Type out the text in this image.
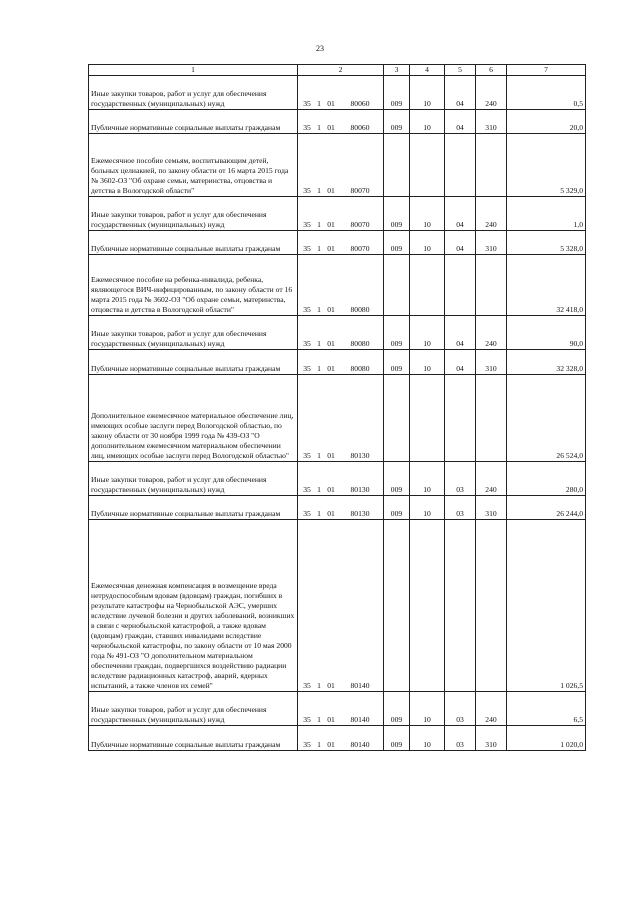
23
1	2	3	4	5	6	7
Иные закупки товаров, работ и услуг для обеспечения государственных (муниципальных) нужд	35 1 01 80060	009	10	04	240	0,5
Публичные нормативные социальные выплаты гражданам	35 1 01 80060	009	10	04	310	20,0
Ежемесячное пособие семьям, воспитывающим детей, больных целиакией, по закону области от 16 марта 2015 года № 3602-ОЗ "Об охране семьи, материнства, отцовства и детства в Вологодской области"	35 1 01 80070					5 329,0
Иные закупки товаров, работ и услуг для обеспечения государственных (муниципальных) нужд	35 1 01 80070	009	10	04	240	1,0
Публичные нормативные социальные выплаты гражданам	35 1 01 80070	009	10	04	310	5 328,0
Ежемесячное пособие на ребенка-инвалида, ребенка, являющегося ВИЧ-инфицированным, по закону области от 16 марта 2015 года № 3602-ОЗ "Об охране семьи, материнства, отцовства и детства в Вологодской области"	35 1 01 80080					32 418,0
Иные закупки товаров, работ и услуг для обеспечения государственных (муниципальных) нужд	35 1 01 80080	009	10	04	240	90,0
Публичные нормативные социальные выплаты гражданам	35 1 01 80080	009	10	04	310	32 328,0
Дополнительное ежемесячное материальное обеспечение лиц, имеющих особые заслуги перед Вологодской областью, по закону области от 30 ноября 1999 года № 439-ОЗ "О дополнительном ежемесячном материальном обеспечении лиц, имеющих особые заслуги перед Вологодской областью"	35 1 01 80130					26 524,0
Иные закупки товаров, работ и услуг для обеспечения государственных (муниципальных) нужд	35 1 01 80130	009	10	03	240	280,0
Публичные нормативные социальные выплаты гражданам	35 1 01 80130	009	10	03	310	26 244,0
Ежемесячная денежная компенсация в возмещение вреда нетрудоспособным вдовам (вдовцам) граждан, погибших в результате катастрофы на Чернобыльской АЭС, умерших вследствие лучевой болезни и других заболеваний, возникших в связи с чернобыльской катастрофой, а также вдовам (вдовцам) граждан, ставших инвалидами вследствие чернобыльской катастрофы, по закону области от 10 мая 2000 года № 491-ОЗ "О дополнительном материальном обеспечении граждан, подвергшихся воздействию радиации вследствие радиационных катастроф, аварий, ядерных испытаний, а также членов их семей"	35 1 01 80140					1 026,5
Иные закупки товаров, работ и услуг для обеспечения государственных (муниципальных) нужд	35 1 01 80140	009	10	03	240	6,5
Публичные нормативные социальные выплаты гражданам	35 1 01 80140	009	10	03	310	1 020,0
